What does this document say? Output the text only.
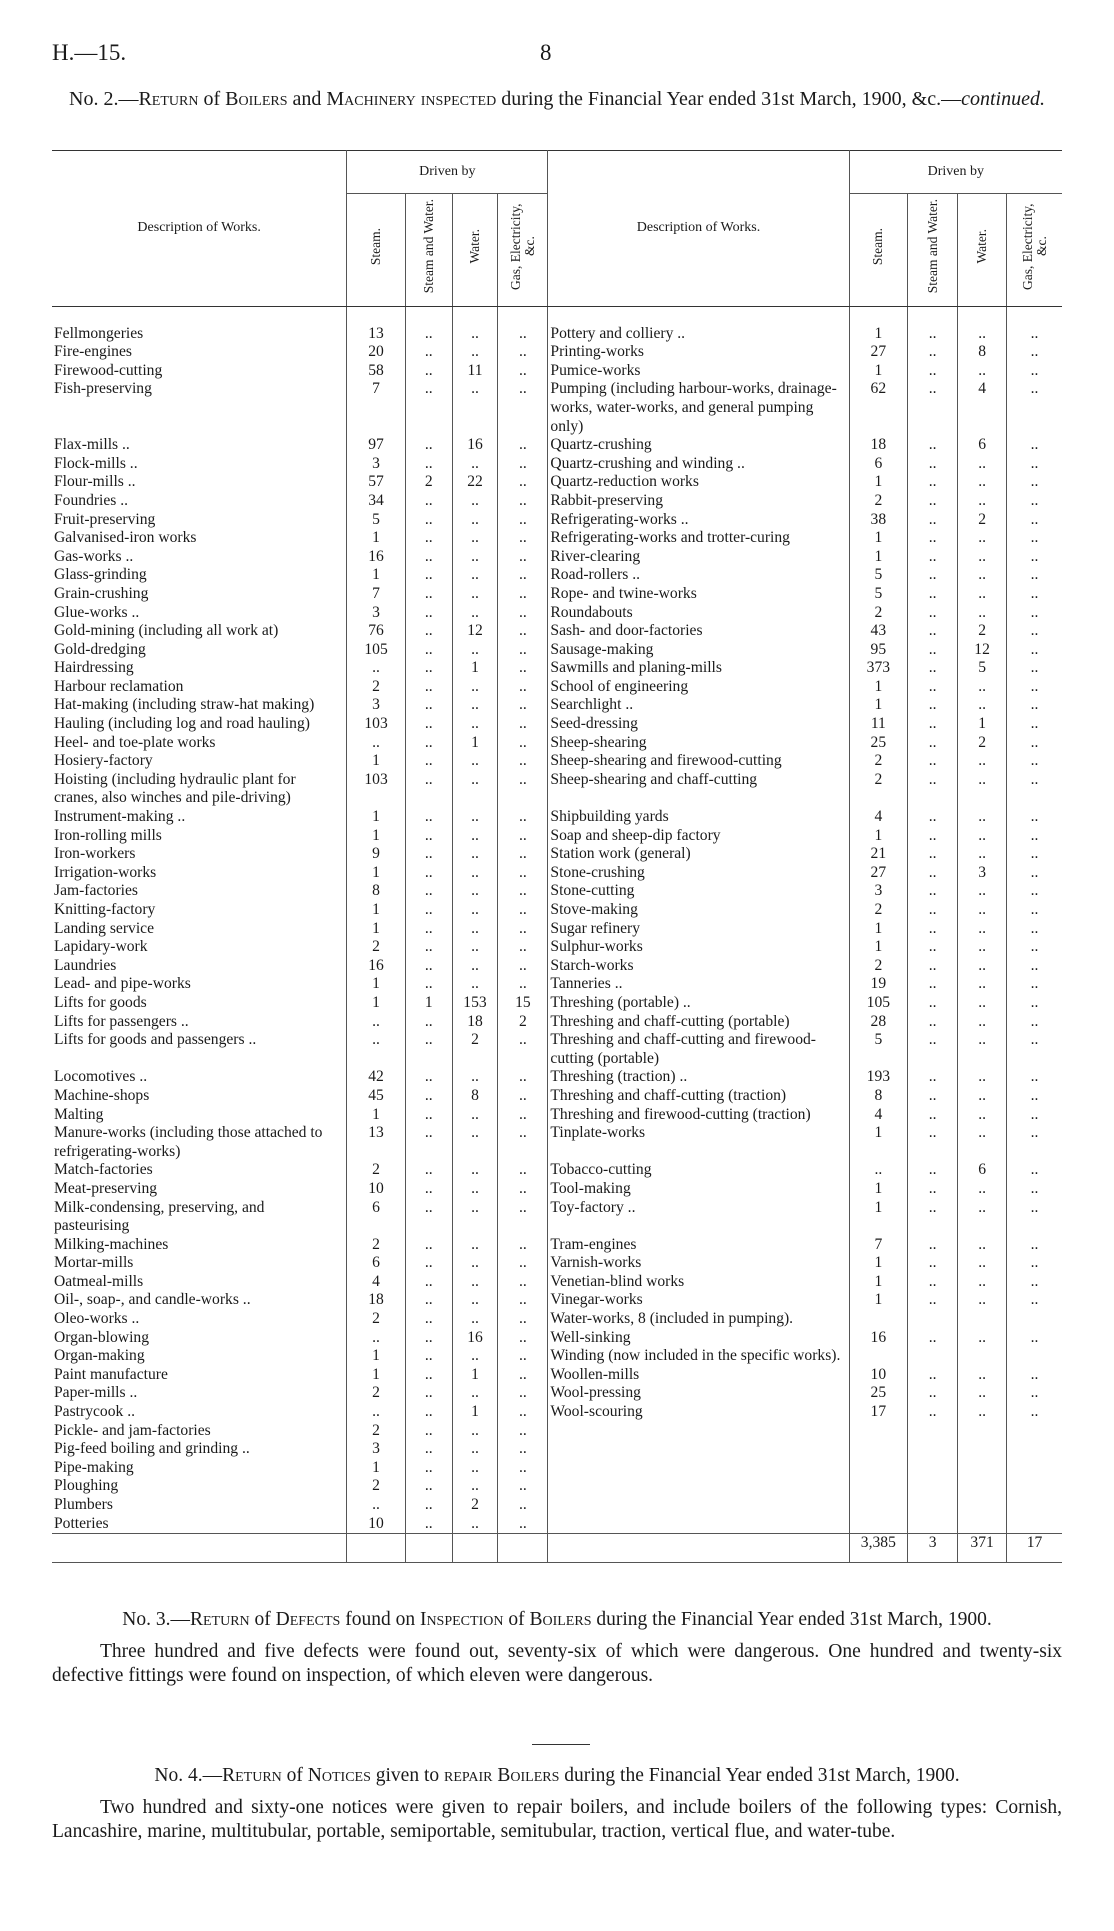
H.—15.	8
No. 2.—Return of Boilers and Machinery inspected during the Financial Year ended 31st March, 1900, &c.—continued.
Description of Works.	Driven by				Description of Works.	Driven by			
	Steam.	Steam and Water.	Water.	Gas, Electricity, &c.		Steam.	Steam and Water.	Water.	Gas, Electricity, &c.

Fellmongeries	13	..	..	..	Pottery and colliery ..	1	..	..	..
Fire-engines	20	..	..	..	Printing-works	27	..	8	..
Firewood-cutting	58	..	11	..	Pumice-works	1	..	..	..
Fish-preserving	7	..	..	..	Pumping (including harbour-works, drainage-works, water-works, and general pumping only)	62	..	4	..
Flax-mills ..	97	..	16	..	Quartz-crushing	18	..	6	..
Flock-mills ..	3	..	..	..	Quartz-crushing and winding ..	6	..	..	..
Flour-mills ..	57	2	22	..	Quartz-reduction works	1	..	..	..
Foundries ..	34	..	..	..	Rabbit-preserving	2	..	..	..
Fruit-preserving	5	..	..	..	Refrigerating-works ..	38	..	2	..
Galvanised-iron works	1	..	..	..	Refrigerating-works and trotter-curing	1	..	..	..
Gas-works ..	16	..	..	..	River-clearing	1	..	..	..
Glass-grinding	1	..	..	..	Road-rollers ..	5	..	..	..
Grain-crushing	7	..	..	..	Rope- and twine-works	5	..	..	..
Glue-works ..	3	..	..	..	Roundabouts	2	..	..	..
Gold-mining (including all work at)	76	..	12	..	Sash- and door-factories	43	..	2	..
Gold-dredging	105	..	..	..	Sausage-making	95	..	12	..
Hairdressing	..	..	1	..	Sawmills and planing-mills	373	..	5	..
Harbour reclamation	2	..	..	..	School of engineering	1	..	..	..
Hat-making (including straw-hat making)	3	..	..	..	Searchlight ..	1	..	..	..
Hauling (including log and road hauling)	103	..	..	..	Seed-dressing	11	..	1	..
Heel- and toe-plate works	..	..	1	..	Sheep-shearing	25	..	2	..
Hosiery-factory	1	..	..	..	Sheep-shearing and firewood-cutting	2	..	..	..
Hoisting (including hydraulic plant for cranes, also winches and pile-driving)	103	..	..	..	Sheep-shearing and chaff-cutting	2	..	..	..
Instrument-making ..	1	..	..	..	Shipbuilding yards	4	..	..	..
Iron-rolling mills	1	..	..	..	Soap and sheep-dip factory	1	..	..	..
Iron-workers	9	..	..	..	Station work (general)	21	..	..	..
Irrigation-works	1	..	..	..	Stone-crushing	27	..	3	..
Jam-factories	8	..	..	..	Stone-cutting	3	..	..	..
Knitting-factory	1	..	..	..	Stove-making	2	..	..	..
Landing service	1	..	..	..	Sugar refinery	1	..	..	..
Lapidary-work	2	..	..	..	Sulphur-works	1	..	..	..
Laundries	16	..	..	..	Starch-works	2	..	..	..
Lead- and pipe-works	1	..	..	..	Tanneries ..	19	..	..	..
Lifts for goods	1	1	153	15	Threshing (portable) ..	105	..	..	..
Lifts for passengers ..	..	..	18	2	Threshing and chaff-cutting (portable)	28	..	..	..
Lifts for goods and passengers ..	..	..	2	..	Threshing and chaff-cutting and firewood-cutting (portable)	5	..	..	..
Locomotives ..	42	..	..	..	Threshing (traction) ..	193	..	..	..
Machine-shops	45	..	8	..	Threshing and chaff-cutting (traction)	8	..	..	..
Malting	1	..	..	..	Threshing and firewood-cutting (traction)	4	..	..	..
Manure-works (including those attached to refrigerating-works)	13	..	..	..	Tinplate-works	1	..	..	..
Match-factories	2	..	..	..	Tobacco-cutting	..	..	6	..
Meat-preserving	10	..	..	..	Tool-making	1	..	..	..
Milk-condensing, preserving, and pasteurising	6	..	..	..	Toy-factory ..	1	..	..	..
Milking-machines	2	..	..	..	Tram-engines	7	..	..	..
Mortar-mills	6	..	..	..	Varnish-works	1	..	..	..
Oatmeal-mills	4	..	..	..	Venetian-blind works	1	..	..	..
Oil-, soap-, and candle-works ..	18	..	..	..	Vinegar-works	1	..	..	..
Oleo-works ..	2	..	..	..	Water-works, 8 (included in pumping).				
Organ-blowing	..	..	16	..	Well-sinking	16	..	..	..
Organ-making	1	..	..	..	Winding (now included in the specific works).				
Paint manufacture	1	..	1	..	Woollen-mills	10	..	..	..
Paper-mills ..	2	..	..	..	Wool-pressing	25	..	..	..
Pastrycook ..	..	..	1	..	Wool-scouring	17	..	..	..
Pickle- and jam-factories	2	..	..	..					
Pig-feed boiling and grinding ..	3	..	..	..					
Pipe-making	1	..	..	..					
Ploughing	2	..	..	..					
Plumbers	..	..	2	..					
Potteries	10	..	..	..					
						3,385	3	371	17
No. 3.—Return of Defects found on Inspection of Boilers during the Financial Year ended 31st March, 1900.

Three hundred and five defects were found out, seventy-six of which were dangerous. One hundred and twenty-six defective fittings were found on inspection, of which eleven were dangerous.

No. 4.—Return of Notices given to repair Boilers during the Financial Year ended 31st March, 1900.

Two hundred and sixty-one notices were given to repair boilers, and include boilers of the following types: Cornish, Lancashire, marine, multitubular, portable, semiportable, semitubular, traction, vertical flue, and water-tube.
